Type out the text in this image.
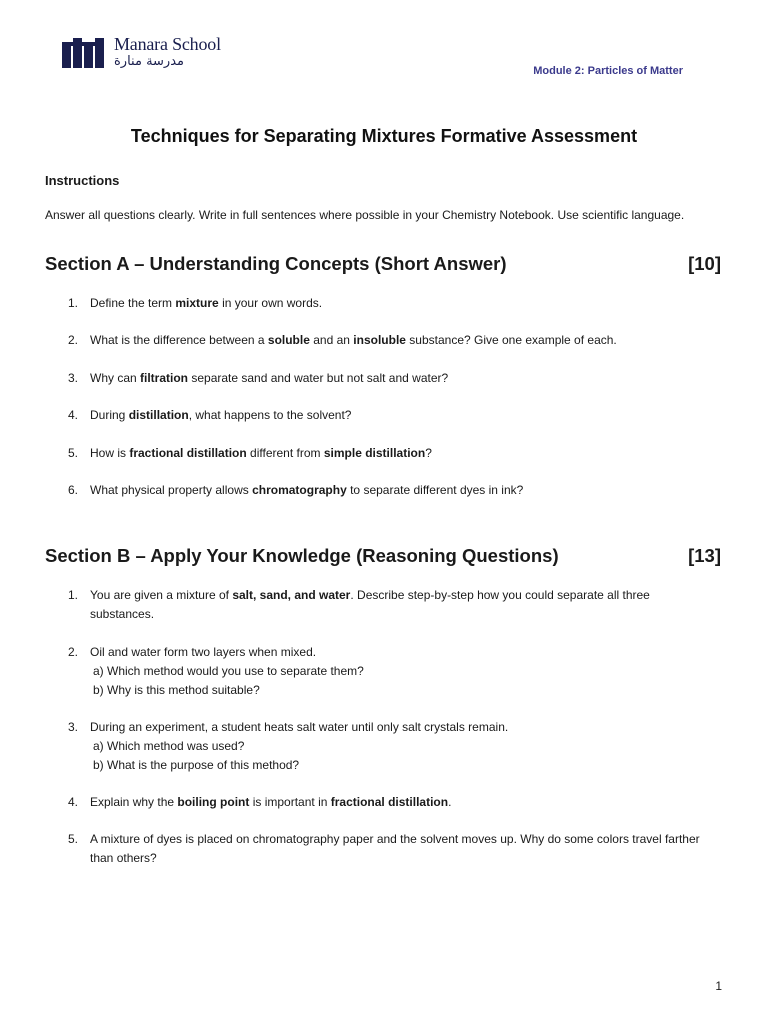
Manara School
مدرسة منارة
Module 2: Particles of Matter
Techniques for Separating Mixtures Formative Assessment
Instructions

Answer all questions clearly. Write in full sentences where possible in your Chemistry Notebook. Use scientific language.

Section A – Understanding Concepts (Short Answer)	[10]
1. Define the term mixture in your own words.
2. What is the difference between a soluble and an insoluble substance? Give one example of each.
3. Why can filtration separate sand and water but not salt and water?
4. During distillation, what happens to the solvent?
5. How is fractional distillation different from simple distillation?
6. What physical property allows chromatography to separate different dyes in ink?
Section B – Apply Your Knowledge (Reasoning Questions)	[13]
1. You are given a mixture of salt, sand, and water. Describe step-by-step how you could separate all three substances.
2. Oil and water form two layers when mixed.
a) Which method would you use to separate them?
b) Why is this method suitable?
3. During an experiment, a student heats salt water until only salt crystals remain.
a) Which method was used?
b) What is the purpose of this method?
4. Explain why the boiling point is important in fractional distillation.
5. A mixture of dyes is placed on chromatography paper and the solvent moves up. Why do some colors travel farther than others?
1
